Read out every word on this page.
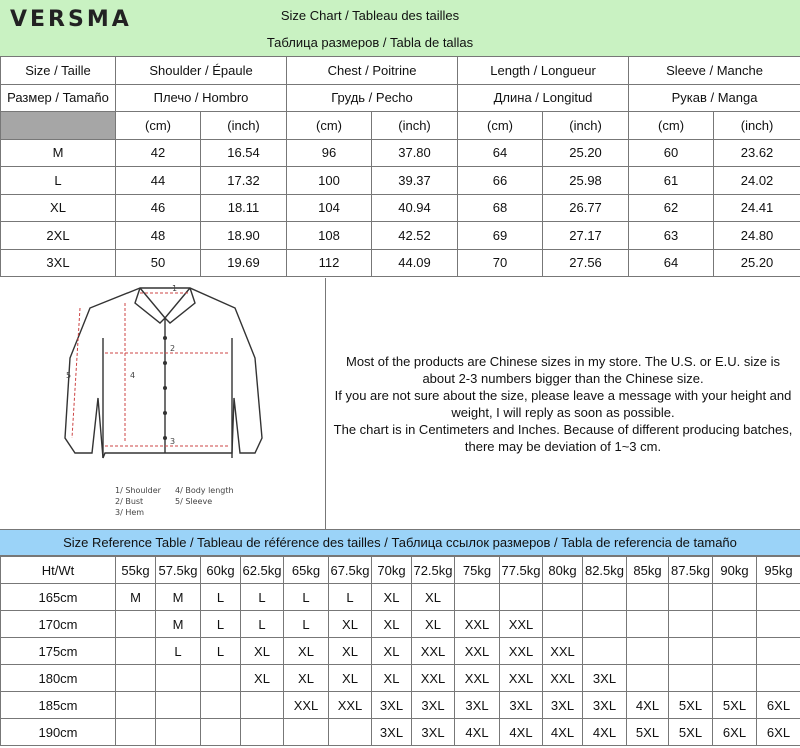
VERSMA	Size Chart / Tableau des tailles
Таблица размеров / Tabla de tallas
Size / Taille	Shoulder / Épaule		Chest / Poitrine		Length / Longueur		Sleeve / Manche	
Размер / Tamaño	Плечо / Hombro		Грудь / Pecho		Длина / Longitud		Рукав / Manga	
	(cm)	(inch)	(cm)	(inch)	(cm)	(inch)	(cm)	(inch)
M	42	16.54	96	37.80	64	25.20	60	23.62
L	44	17.32	100	39.37	66	25.98	61	24.02
XL	46	18.11	104	40.94	68	26.77	62	24.41
2XL	48	18.90	108	42.52	69	27.17	63	24.80
3XL	50	19.69	112	44.09	70	27.56	64	25.20
1
2
3
4
5
1/ Shoulder
2/ Bust
3/ Hem
4/ Body length
5/ Sleeve
Most of the products are Chinese sizes in my store. The U.S. or E.U. size is
about 2-3 numbers bigger than the Chinese size.
If you are not sure about the size, please leave a message with your height and
weight, I will reply as soon as possible.
The chart is in Centimeters and Inches. Because of different producing batches,
there may be deviation of 1~3 cm.
Size Reference Table / Tableau de référence des tailles / Таблица ссылок размеров / Tabla de referencia de tamaño
Ht/Wt	55kg	57.5kg	60kg	62.5kg	65kg	67.5kg	70kg	72.5kg	75kg	77.5kg	80kg	82.5kg	85kg	87.5kg	90kg	95kg
165cm	M	M	L	L	L	L	XL	XL								
170cm		M	L	L	L	XL	XL	XL	XXL	XXL						
175cm		L	L	XL	XL	XL	XL	XXL	XXL	XXL	XXL					
180cm				XL	XL	XL	XL	XXL	XXL	XXL	XXL	3XL				
185cm					XXL	XXL	3XL	3XL	3XL	3XL	3XL	3XL	4XL	5XL	5XL	6XL
190cm							3XL	3XL	4XL	4XL	4XL	4XL	5XL	5XL	6XL	6XL
